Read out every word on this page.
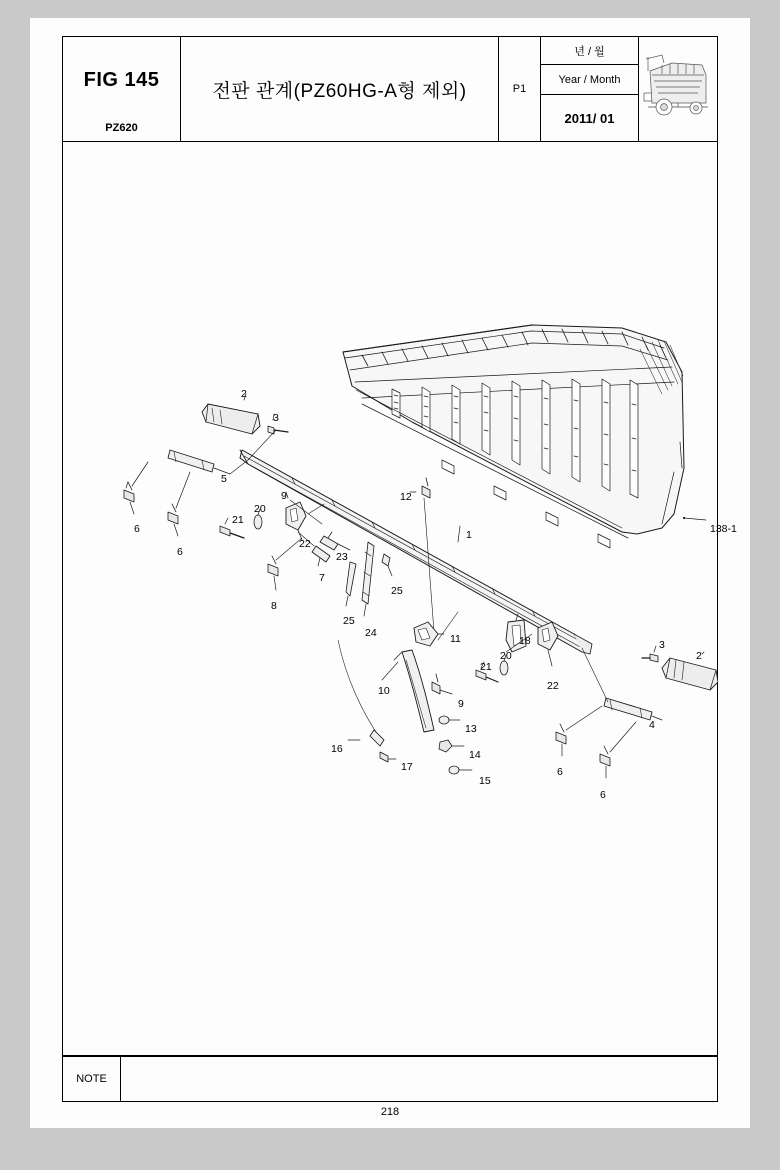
FIG 145
PZ620
전판 관계(PZ60HG-A형 제외)	P1
년 / 월
Year / Month
2011/ 01
2
3
5
6
6
9
21
20
22
23
7
8
25
25
24
12
1	138-1
11
10
9
13
14
15
16
17
18
21
20
22
3
2
4
6
6
NOTE
218
